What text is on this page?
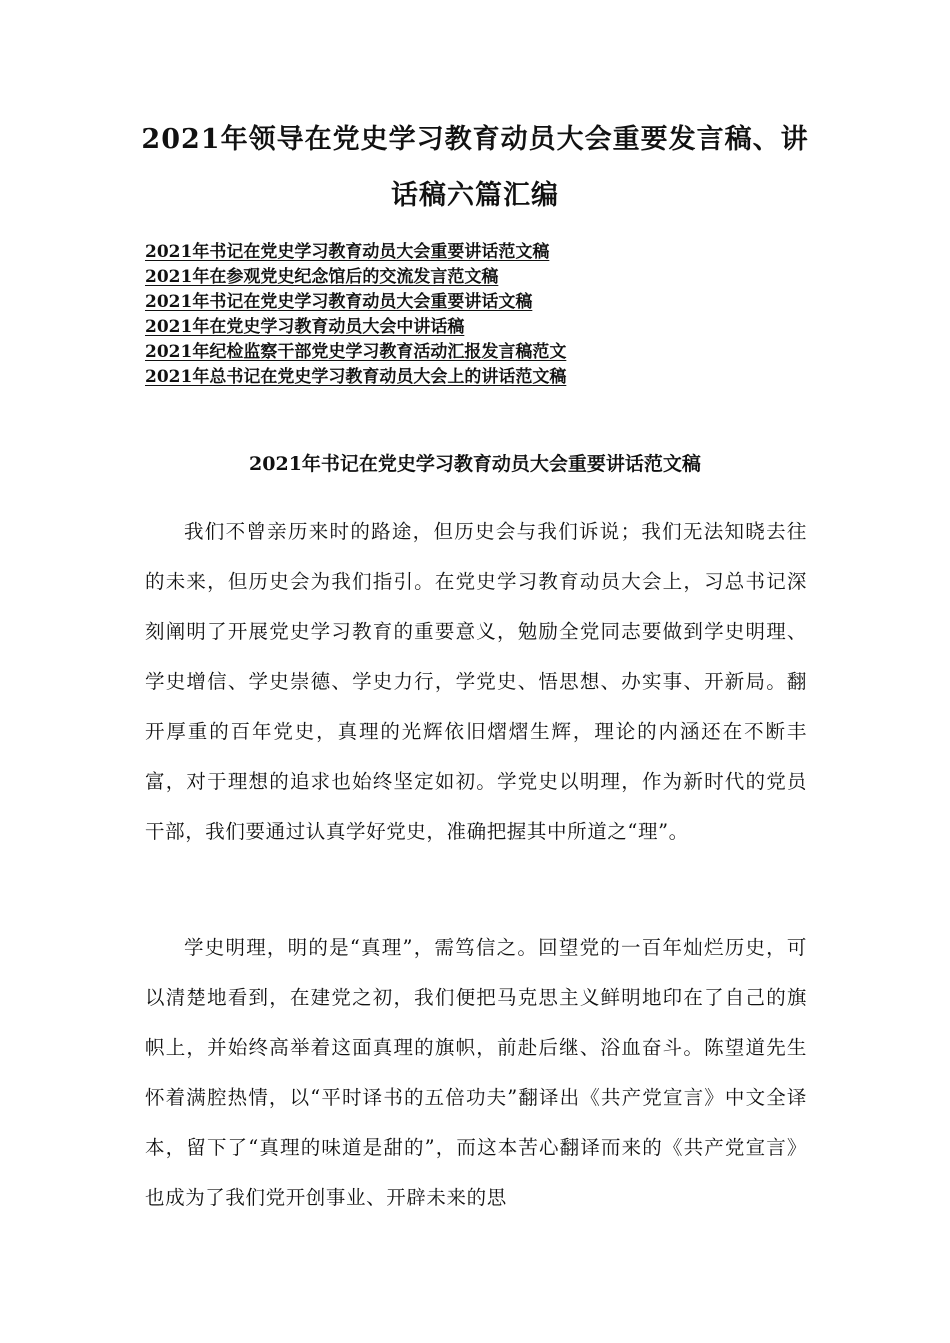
2021年领导在党史学习教育动员大会重要发言稿、讲
话稿六篇汇编
2021年书记在党史学习教育动员大会重要讲话范文稿
2021年在参观党史纪念馆后的交流发言范文稿
2021年书记在党史学习教育动员大会重要讲话文稿
2021年在党史学习教育动员大会中讲话稿
2021年纪检监察干部党史学习教育活动汇报发言稿范文
2021年总书记在党史学习教育动员大会上的讲话范文稿
2021年书记在党史学习教育动员大会重要讲话范文稿

我们不曾亲历来时的路途，但历史会与我们诉说；我们无法知晓去往的未来，但历史会为我们指引。在党史学习教育动员大会上，习总书记深刻阐明了开展党史学习教育的重要意义，勉励全党同志要做到学史明理、学史增信、学史崇德、学史力行，学党史、悟思想、办实事、开新局。翻开厚重的百年党史，真理的光辉依旧熠熠生辉，理论的内涵还在不断丰富，对于理想的追求也始终坚定如初。学党史以明理，作为新时代的党员干部，我们要通过认真学好党史，准确把握其中所道之“理”。

学史明理，明的是“真理”，需笃信之。回望党的一百年灿烂历史，可以清楚地看到，在建党之初，我们便把马克思主义鲜明地印在了自己的旗帜上，并始终高举着这面真理的旗帜，前赴后继、浴血奋斗。陈望道先生怀着满腔热情，以“平时译书的五倍功夫”翻译出《共产党宣言》中文全译本，留下了“真理的味道是甜的”，而这本苦心翻译而来的《共产党宣言》也成为了我们党开创事业、开辟未来的思
